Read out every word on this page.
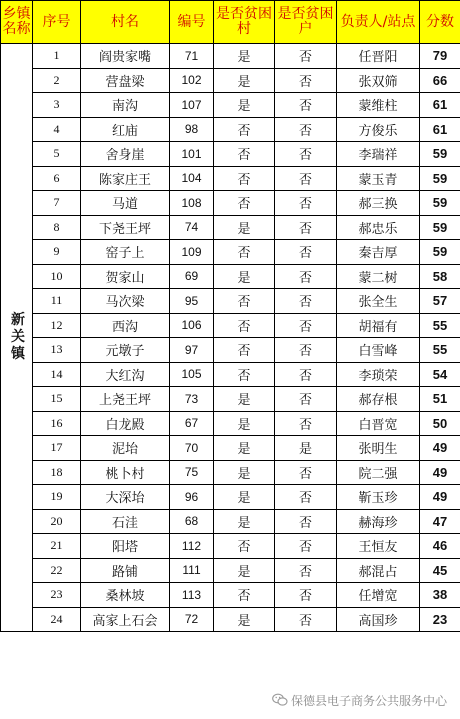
乡镇名称	序号	村名	编号	是否贫困村	是否贫困户	负责人/站点	分数
新关镇	1	阎贵家嘴	71	是	否	任晋阳	79
	2	营盘梁	102	是	否	张双筛	66
	3	南沟	107	是	否	蒙维柱	61
	4	红庙	98	否	否	方俊乐	61
	5	舍身崖	101	否	否	李瑞祥	59
	6	陈家庄王	104	否	否	蒙玉青	59
	7	马道	108	否	否	郝三换	59
	8	下尧王坪	74	是	否	郝忠乐	59
	9	窑子上	109	否	否	秦吉厚	59
	10	贺家山	69	是	否	蒙二树	58
	11	马次梁	95	否	否	张全生	57
	12	西沟	106	否	否	胡福有	55
	13	元墩子	97	否	否	白雪峰	55
	14	大红沟	105	否	否	李琐荣	54
	15	上尧王坪	73	是	否	郝存根	51
	16	白龙殿	67	是	否	白晋宽	50
	17	泥坮	70	是	是	张明生	49
	18	桃卜村	75	是	否	院二强	49
	19	大深坮	96	是	否	靳玉珍	49
	20	石洼	68	是	否	赫海珍	47
	21	阳塔	112	否	否	王恒友	46
	22	路铺	111	是	否	郝混占	45
	23	桑林坡	113	否	否	任增宽	38
	24	高家上石会	72	是	否	高国珍	23
保德县电子商务公共服务中心
